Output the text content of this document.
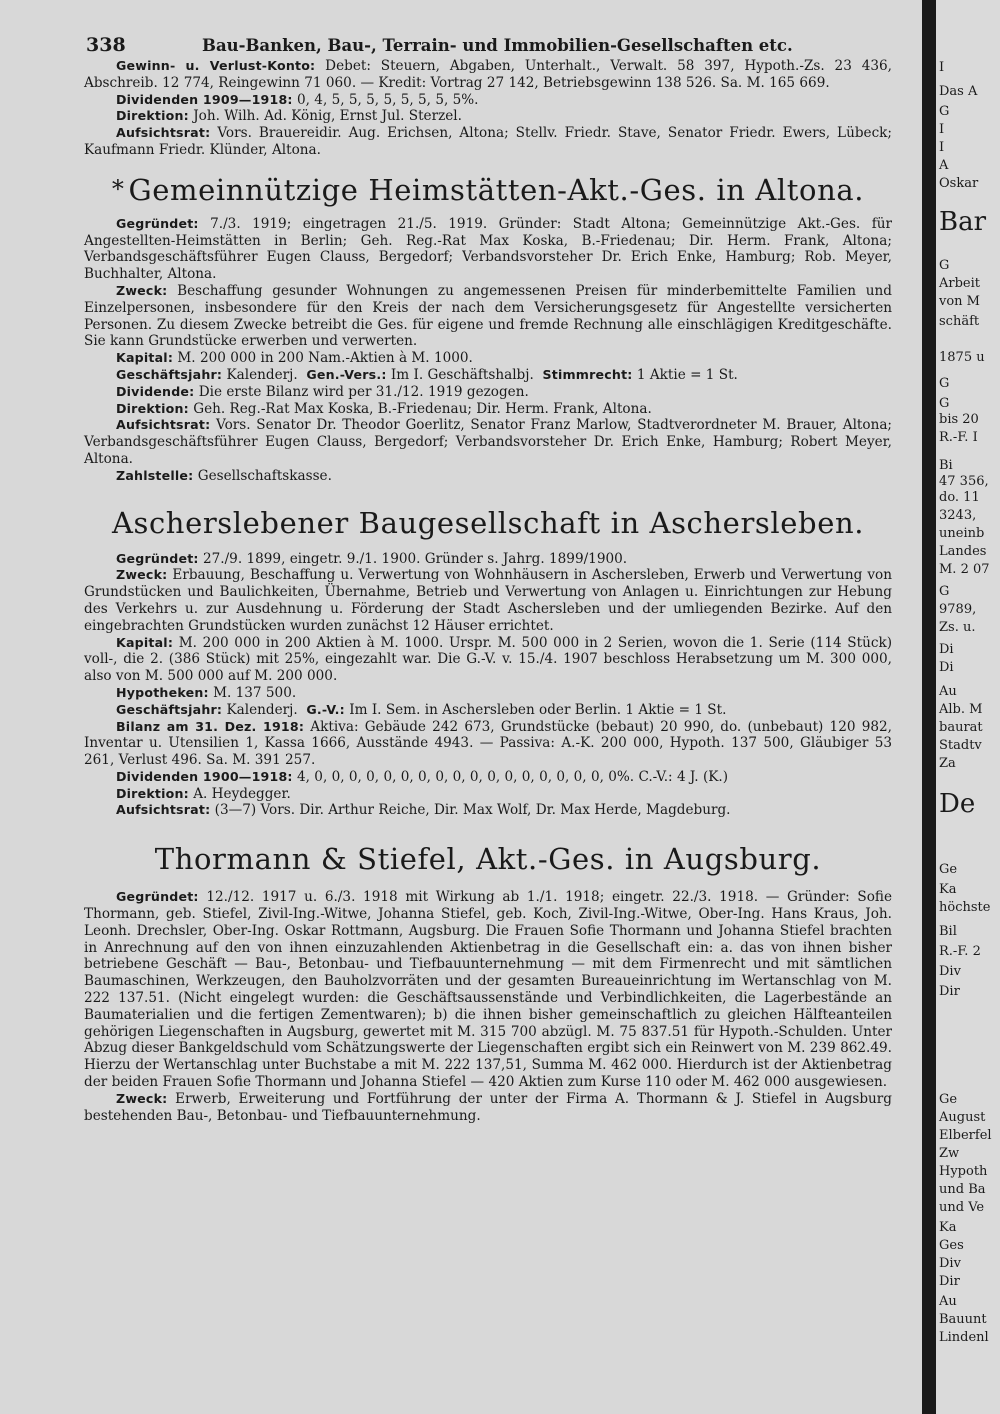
338	Bau-Banken, Bau-, Terrain- und Immobilien-Gesellschaften etc.

Gewinn- u. Verlust-Konto: Debet: Steuern, Abgaben, Unterhalt., Verwalt. 58 397, Hypoth.-Zs. 23 436, Abschreib. 12 774, Reingewinn 71 060. — Kredit: Vortrag 27 142, Betriebsgewinn 138 526. Sa. M. 165 669.

Dividenden 1909—1918: 0, 4, 5, 5, 5, 5, 5, 5, 5, 5%.

Direktion: Joh. Wilh. Ad. König, Ernst Jul. Sterzel.

Aufsichtsrat: Vors. Brauereidir. Aug. Erichsen, Altona; Stellv. Friedr. Stave, Senator Friedr. Ewers, Lübeck; Kaufmann Friedr. Klünder, Altona.

* Gemeinnützige Heimstätten-Akt.-Ges. in Altona.

Gegründet: 7./3. 1919; eingetragen 21./5. 1919. Gründer: Stadt Altona; Gemeinnützige Akt.-Ges. für Angestellten-Heimstätten in Berlin; Geh. Reg.-Rat Max Koska, B.-Friedenau; Dir. Herm. Frank, Altona; Verbandsgeschäftsführer Eugen Clauss, Bergedorf; Verbandsvorsteher Dr. Erich Enke, Hamburg; Rob. Meyer, Buchhalter, Altona.

Zweck: Beschaffung gesunder Wohnungen zu angemessenen Preisen für minderbemittelte Familien und Einzelpersonen, insbesondere für den Kreis der nach dem Versicherungsgesetz für Angestellte versicherten Personen. Zu diesem Zwecke betreibt die Ges. für eigene und fremde Rechnung alle einschlägigen Kreditgeschäfte. Sie kann Grundstücke erwerben und verwerten.

Kapital: M. 200 000 in 200 Nam.-Aktien à M. 1000.

Geschäftsjahr: Kalenderj. Gen.-Vers.: Im I. Geschäftshalbj. Stimmrecht: 1 Aktie = 1 St.

Dividende: Die erste Bilanz wird per 31./12. 1919 gezogen.

Direktion: Geh. Reg.-Rat Max Koska, B.-Friedenau; Dir. Herm. Frank, Altona.

Aufsichtsrat: Vors. Senator Dr. Theodor Goerlitz, Senator Franz Marlow, Stadtverordneter M. Brauer, Altona; Verbandsgeschäftsführer Eugen Clauss, Bergedorf; Verbandsvorsteher Dr. Erich Enke, Hamburg; Robert Meyer, Altona.

Zahlstelle: Gesellschaftskasse.

Ascherslebener Baugesellschaft in Aschersleben.

Gegründet: 27./9. 1899, eingetr. 9./1. 1900. Gründer s. Jahrg. 1899/1900.

Zweck: Erbauung, Beschaffung u. Verwertung von Wohnhäusern in Aschersleben, Erwerb und Verwertung von Grundstücken und Baulichkeiten, Übernahme, Betrieb und Verwertung von Anlagen u. Einrichtungen zur Hebung des Verkehrs u. zur Ausdehnung u. Förderung der Stadt Aschersleben und der umliegenden Bezirke. Auf den eingebrachten Grundstücken wurden zunächst 12 Häuser errichtet.

Kapital: M. 200 000 in 200 Aktien à M. 1000. Urspr. M. 500 000 in 2 Serien, wovon die 1. Serie (114 Stück) voll-, die 2. (386 Stück) mit 25%, eingezahlt war. Die G.-V. v. 15./4. 1907 beschloss Herabsetzung um M. 300 000, also von M. 500 000 auf M. 200 000.

Hypotheken: M. 137 500.

Geschäftsjahr: Kalenderj. G.-V.: Im I. Sem. in Aschersleben oder Berlin. 1 Aktie = 1 St.

Bilanz am 31. Dez. 1918: Aktiva: Gebäude 242 673, Grundstücke (bebaut) 20 990, do. (unbebaut) 120 982, Inventar u. Utensilien 1, Kassa 1666, Ausstände 4943. — Passiva: A.-K. 200 000, Hypoth. 137 500, Gläubiger 53 261, Verlust 496. Sa. M. 391 257.

Dividenden 1900—1918: 4, 0, 0, 0, 0, 0, 0, 0, 0, 0, 0, 0, 0, 0, 0, 0, 0, 0, 0%. C.-V.: 4 J. (K.)

Direktion: A. Heydegger.

Aufsichtsrat: (3—7) Vors. Dir. Arthur Reiche, Dir. Max Wolf, Dr. Max Herde, Magdeburg.

Thormann & Stiefel, Akt.-Ges. in Augsburg.

Gegründet: 12./12. 1917 u. 6./3. 1918 mit Wirkung ab 1./1. 1918; eingetr. 22./3. 1918. — Gründer: Sofie Thormann, geb. Stiefel, Zivil-Ing.-Witwe, Johanna Stiefel, geb. Koch, Zivil-Ing.-Witwe, Ober-Ing. Hans Kraus, Joh. Leonh. Drechsler, Ober-Ing. Oskar Rottmann, Augsburg. Die Frauen Sofie Thormann und Johanna Stiefel brachten in Anrechnung auf den von ihnen einzuzahlenden Aktienbetrag in die Gesellschaft ein: a. das von ihnen bisher betriebene Geschäft — Bau-, Betonbau- und Tiefbauunternehmung — mit dem Firmenrecht und mit sämtlichen Baumaschinen, Werkzeugen, den Bauholzvorräten und der gesamten Bureaueinrichtung im Wertanschlag von M. 222 137.51. (Nicht eingelegt wurden: die Geschäftsaussenstände und Verbindlichkeiten, die Lagerbestände an Baumaterialien und die fertigen Zementwaren); b) die ihnen bisher gemeinschaftlich zu gleichen Hälfteanteilen gehörigen Liegenschaften in Augsburg, gewertet mit M. 315 700 abzügl. M. 75 837.51 für Hypoth.-Schulden. Unter Abzug dieser Bankgeldschuld vom Schätzungswerte der Liegenschaften ergibt sich ein Reinwert von M. 239 862.49. Hierzu der Wertanschlag unter Buchstabe a mit M. 222 137,51, Summa M. 462 000. Hierdurch ist der Aktienbetrag der beiden Frauen Sofie Thormann und Johanna Stiefel — 420 Aktien zum Kurse 110 oder M. 462 000 ausgewiesen.

Zweck: Erwerb, Erweiterung und Fortführung der unter der Firma A. Thormann & J. Stiefel in Augsburg bestehenden Bau-, Betonbau- und Tiefbauunternehmung.

I
Das A
G
I
I
A
Oskar
Bar
G
Arbeit
von M
schäft
1875 u
G
G
bis 20
R.-F. I
Bi
47 356,
do. 11
3243,
uneinb
Landes
M. 2 07
G
9789,
Zs. u.
Di
Di
Au
Alb. M
baurat
Stadtv
Za
De
Ge
Ka
höchste
Bil
R.-F. 2
Div
Dir
Ge
August
Elberfel
Zw
Hypoth
und Ba
und Ve
Ka
Ges
Div
Dir
Au
Bauunt
Lindenl
